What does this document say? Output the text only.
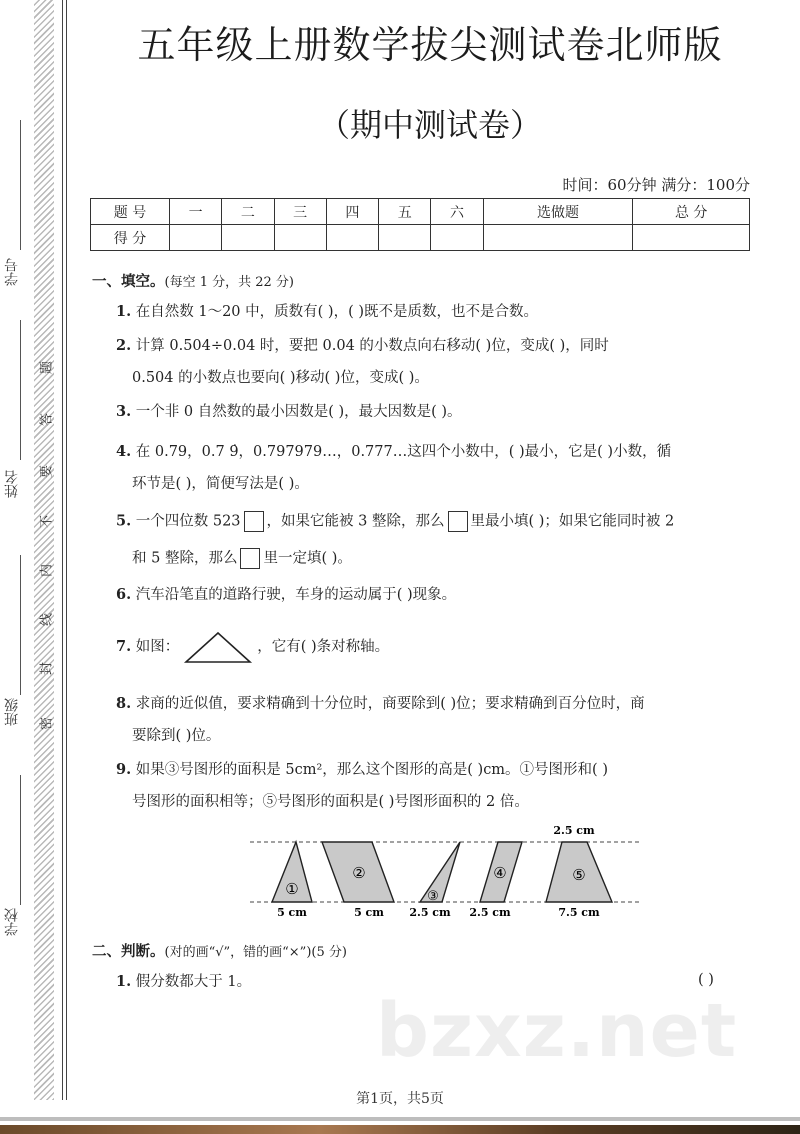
学号
姓名
班级
学校
题
答
要
不
内
线
封
密
五年级上册数学拔尖测试卷北师版
（期中测试卷）
时间：60分钟 满分：100分
题 号	一	二	三	四	五	六	选做题	总 分
得 分								
一、填空。(每空 1 分，共 22 分)
1. 在自然数 1～20 中，质数有( )，( )既不是质数，也不是合数。
2. 计算 0.504÷0.04 时，要把 0.04 的小数点向右移动( )位，变成( )，同时
0.504 的小数点也要向( )移动( )位，变成( )。
3. 一个非 0 自然数的最小因数是( )，最大因数是( )。
4. 在 0.79，0.7 9̇，0.797979…，0.777…这四个小数中，( )最小，它是( )小数，循
环节是( )，简便写法是( )。
5. 一个四位数 523 ，如果它能被 3 整除，那么 里最小填( )；如果它能同时被 2
和 5 整除，那么 里一定填( )。
6. 汽车沿笔直的道路行驶，车身的运动属于( )现象。
7. 如图：	，它有( )条对称轴。
8. 求商的近似值，要求精确到十分位时，商要除到( )位；要求精确到百分位时，商
要除到( )位。
9. 如果③号图形的面积是 5cm²，那么这个图形的高是( )cm。①号图形和( )
号图形的面积相等；⑤号图形的面积是( )号图形面积的 2 倍。
①
②
③
④	⑤
2.5 cm
5 cm	5 cm 2.5 cm 2.5 cm	7.5 cm
二、判断。(对的画“√”，错的画“×”)(5 分)
1. 假分数都大于 1。	( )
bzxz.net
第1页，共5页
